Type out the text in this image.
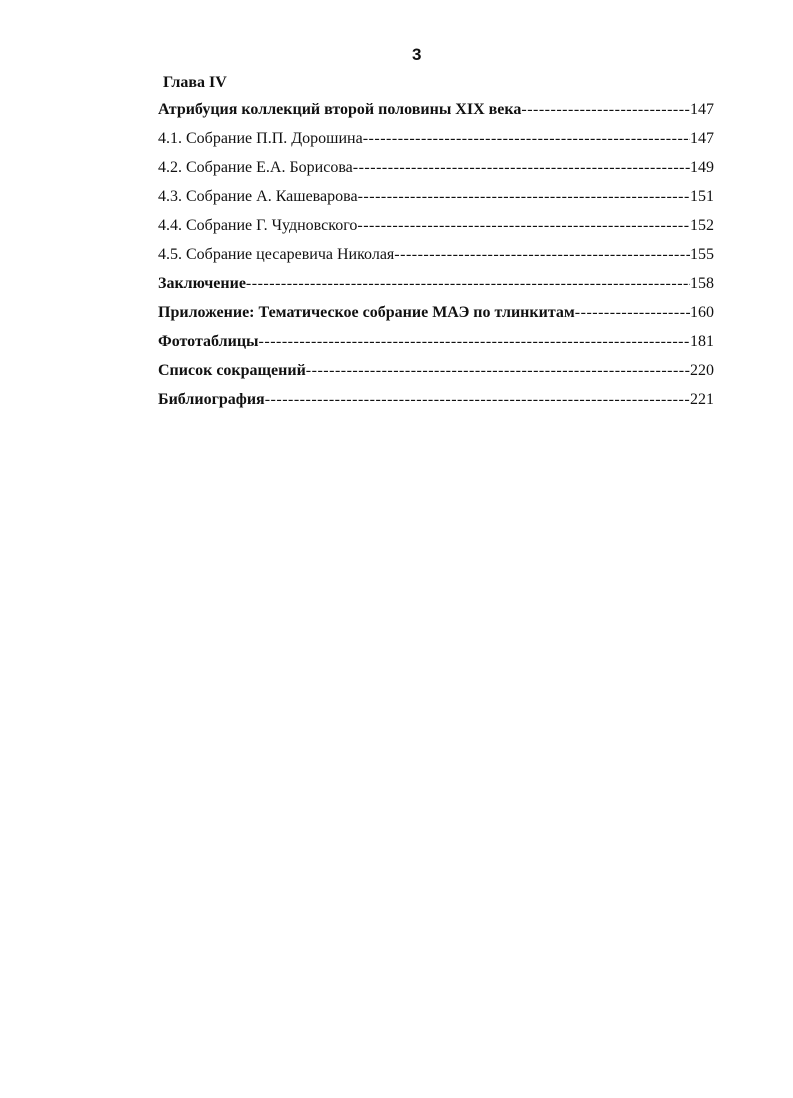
3
Глава IV
Атрибуция коллекций второй половины XIX века -----	147
4.1. Собрание П.П. Дорошина -----	147
4.2. Собрание Е.А. Борисова -----	149
4.3. Собрание А. Кашеварова -----	151
4.4. Собрание Г. Чудновского -----	152
4.5. Собрание цесаревича Николая -----	155
Заключение -----	158
Приложение: Тематическое собрание МАЭ по тлинкитам -----	160
Фототаблицы -----	181
Список сокращений -----	220
Библиография -----	221
